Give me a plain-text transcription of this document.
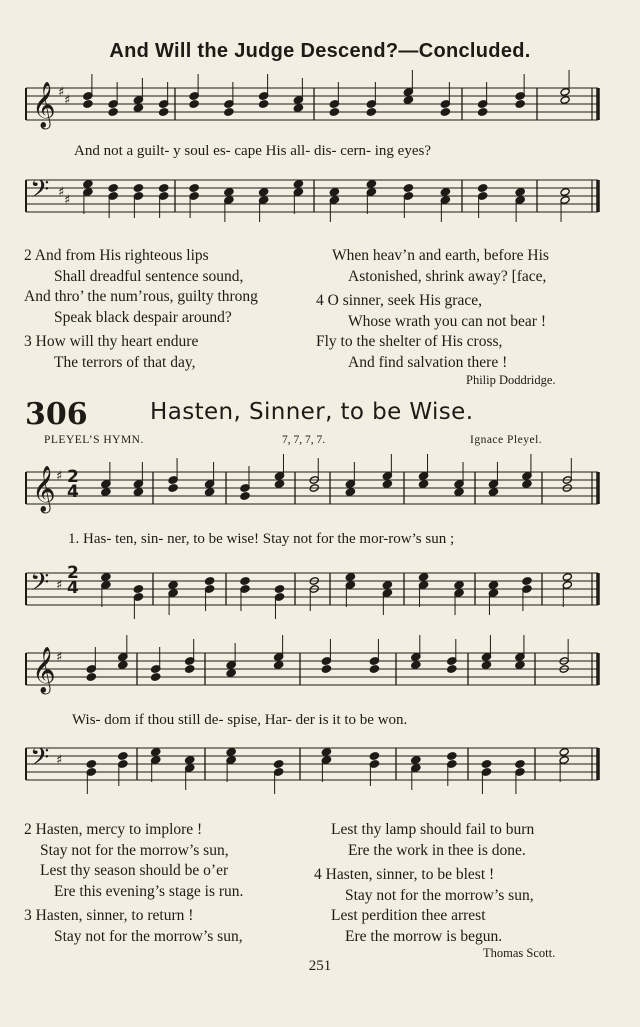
And Will the Judge Descend?—Concluded.
𝄞
𝄢
♯
♯
♯
♯
𝄞
𝄢
♯
♯
𝄞
𝄢
♯
♯
And not a guilt- y soul es- cape His all- dis- cern- ing eyes?
2 And from His righteous lips
Shall dreadful sentence sound,
And thro’ the num’rous, guilty throng
Speak black despair around?
3 How will thy heart endure
The terrors of that day,
When heav’n and earth, before His
Astonished, shrink away? [face,
4 O sinner, seek His grace,
Whose wrath you can not bear !
Fly to the shelter of His cross,
And find salvation there !
Philip Doddridge.
306	Hasten, Sinner, to be Wise.
PLEYEL’S HYMN.	7, 7, 7, 7.	Ignace Pleyel.
2
4
2
4
1. Has- ten, sin- ner, to be wise! Stay not for the mor-row’s sun ;
Wis- dom if thou still de- spise, Har- der is it to be won.
2 Hasten, mercy to implore !
Stay not for the morrow’s sun,
Lest thy season should be o’er
Ere this evening’s stage is run.
3 Hasten, sinner, to return !
Stay not for the morrow’s sun,
Lest thy lamp should fail to burn
Ere the work in thee is done.
4 Hasten, sinner, to be blest !
Stay not for the morrow’s sun,
Lest perdition thee arrest
Ere the morrow is begun.
Thomas Scott.
251
